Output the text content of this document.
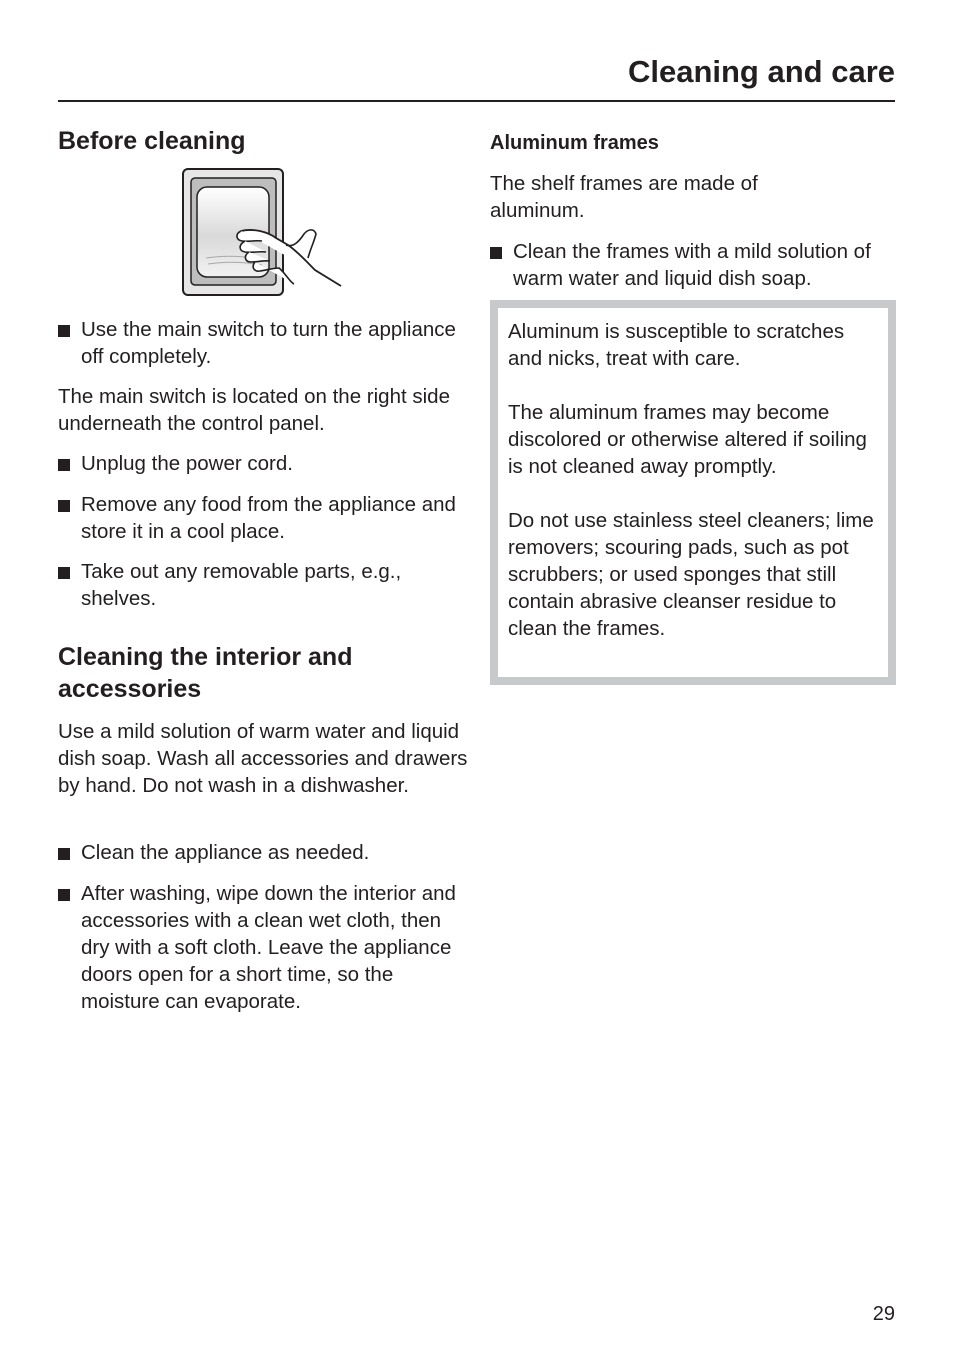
Cleaning and care
Before cleaning
Use the main switch to turn the appliance off completely.

The main switch is located on the right side underneath the control panel.

Unplug the power cord.
Remove any food from the appliance and store it in a cool place.
Take out any removable parts, e.g., shelves.
Cleaning the interior and accessories

Use a mild solution of warm water and liquid dish soap. Wash all accessories and drawers by hand. Do not wash in a dishwasher.

Clean the appliance as needed.
After washing, wipe down the interior and accessories with a clean wet cloth, then dry with a soft cloth. Leave the appliance doors open for a short time, so the moisture can evaporate.
Aluminum frames

The shelf frames are made of aluminum.

Clean the frames with a mild solution of warm water and liquid dish soap.

Aluminum is susceptible to scratches and nicks, treat with care.

The aluminum frames may become discolored or otherwise altered if soiling is not cleaned away promptly.

Do not use stainless steel cleaners; lime removers; scouring pads, such as pot scrubbers; or used sponges that still contain abrasive cleanser residue to clean the frames.

29
